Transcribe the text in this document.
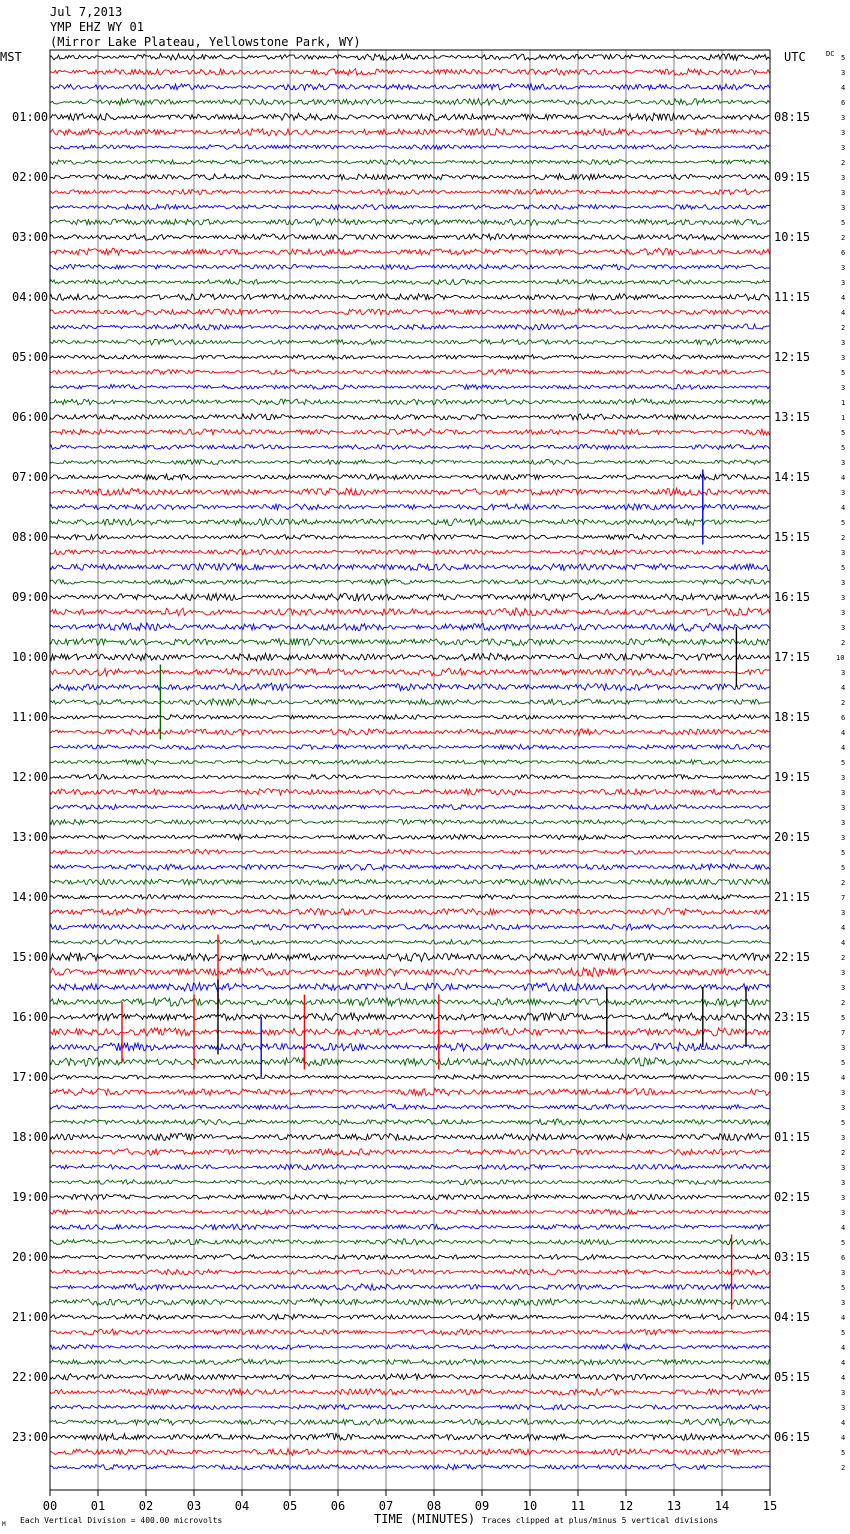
Jul 7,2013
YMP EHZ WY 01
(Mirror Lake Plateau, Yellowstone Park, WY)
MST	UTC	DC
01:00
02:00
03:00
04:00
05:00
06:00
07:00
08:00
09:00
10:00
11:00
12:00
13:00
14:00
15:00
16:00
17:00
18:00
19:00
20:00
21:00
22:00
23:00
08:15
09:15
10:15
11:15
12:15
13:15
14:15
15:15
16:15
17:15
18:15
19:15
20:15
21:15
22:15
23:15
00:15
01:15
02:15
03:15
04:15
05:15
06:15
5
3
4
6
3
3
3
2
3
3
3
5
2
6
3
3
4
4
2
3
3
5
3
1
1
5
5
3
4
3
4
5
2
3
5
3
3
3
3
2
10
3
4
2
6
4
4
5
3
3
3
3
3
5
5
2
7
3
4
4
2
3
3
2
5
7
3
5
4
3
3
5
3
2
3
3
3
3
4
5
6
3
5
3
4
5
4
4
4
3
3
4
4
5
2
00	01	02	03	04	05	06	07	08	09	10	11	12	13	14	15
M Each Vertical Division = 400.00 microvolts	TIME (MINUTES) Traces clipped at plus/minus 5 vertical divisions
